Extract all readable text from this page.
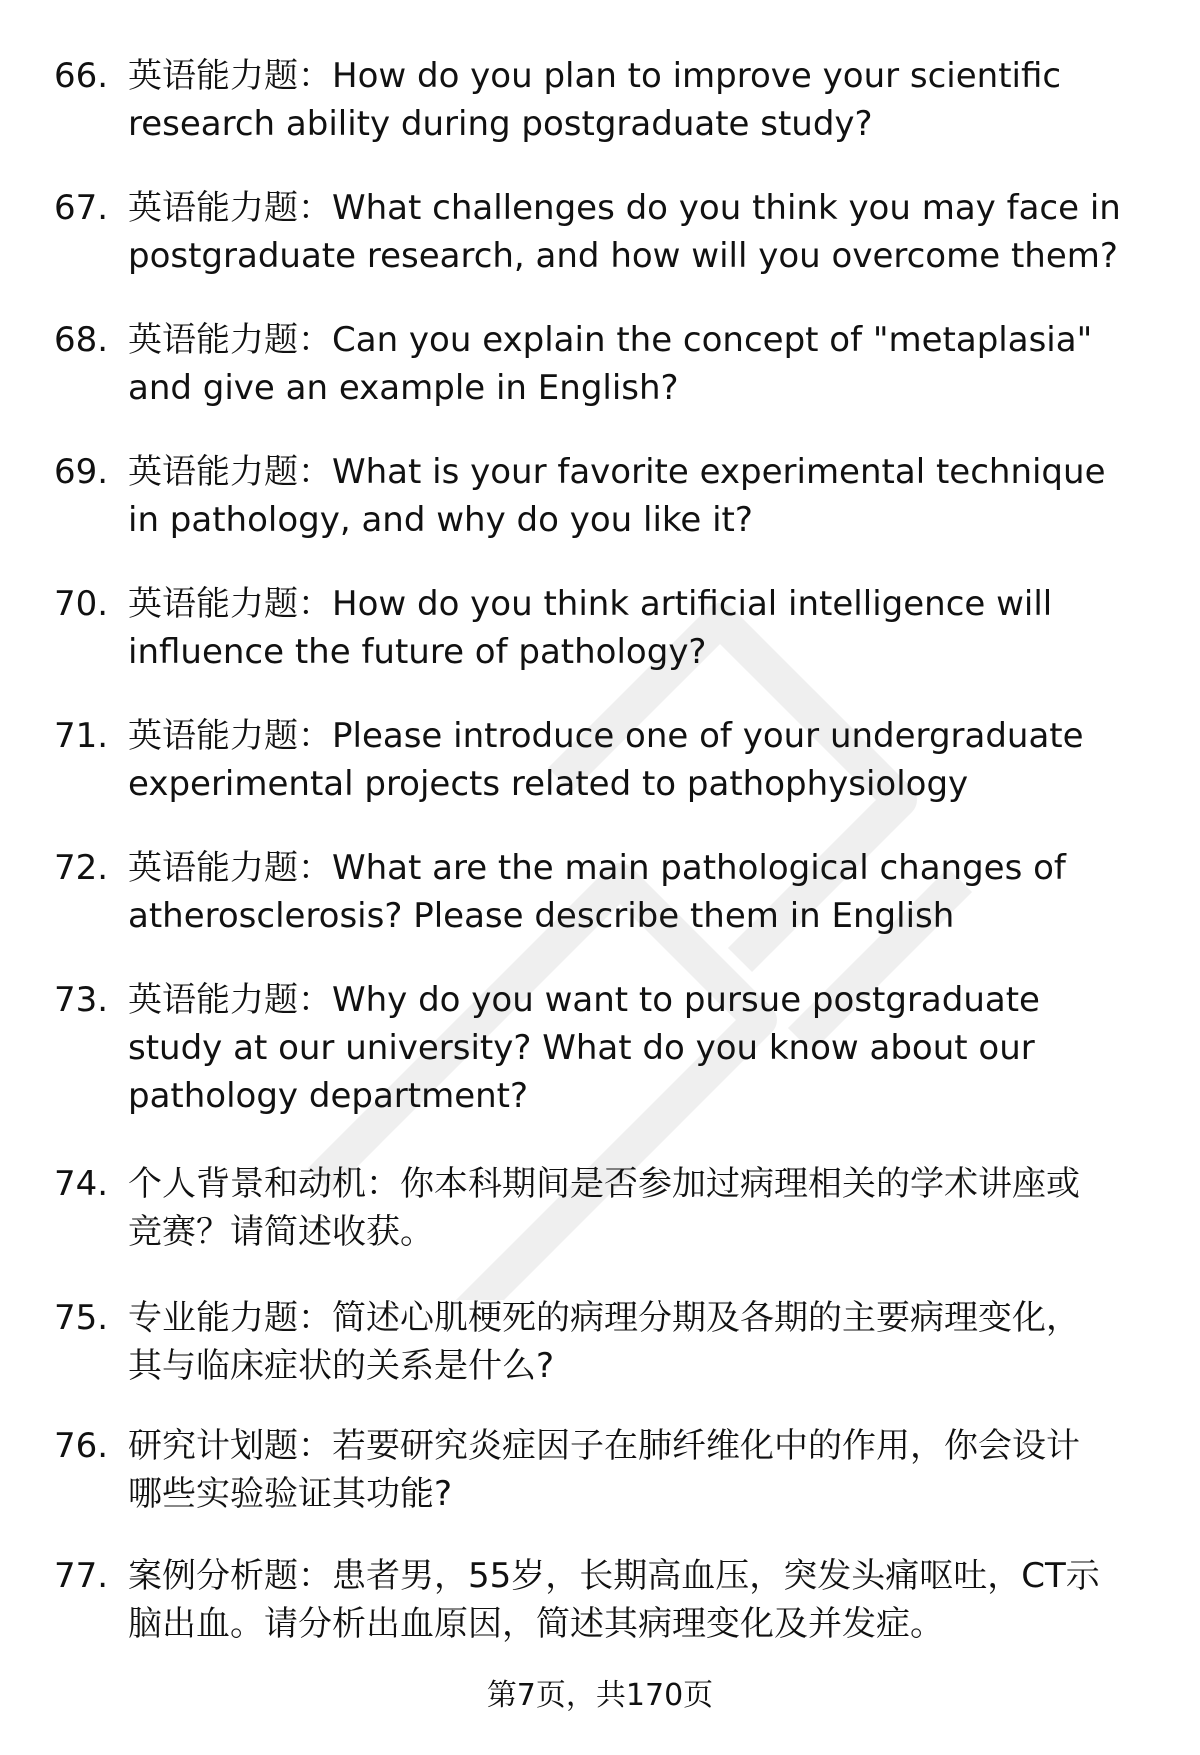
66. 英语能力题：How do you plan to improve your scientific
research ability during postgraduate study?

67. 英语能力题：What challenges do you think you may face in
postgraduate research, and how will you overcome them?

68. 英语能力题：Can you explain the concept of "metaplasia"
and give an example in English?

69. 英语能力题：What is your favorite experimental technique
in pathology, and why do you like it?

70. 英语能力题：How do you think artificial intelligence will
influence the future of pathology?

71. 英语能力题：Please introduce one of your undergraduate
experimental projects related to pathophysiology

72. 英语能力题：What are the main pathological changes of
atherosclerosis? Please describe them in English

73. 英语能力题：Why do you want to pursue postgraduate
study at our university? What do you know about our
pathology department?

74. 个人背景和动机：你本科期间是否参加过病理相关的学术讲座或
竞赛？请简述收获。

75. 专业能力题：简述心肌梗死的病理分期及各期的主要病理变化，
其与临床症状的关系是什么?

76. 研究计划题：若要研究炎症因子在肺纤维化中的作用，你会设计
哪些实验验证其功能?

77. 案例分析题：患者男，55岁，长期高血压，突发头痛呕吐，CT示
脑出血。请分析出血原因，简述其病理变化及并发症。

第7页，共170页
